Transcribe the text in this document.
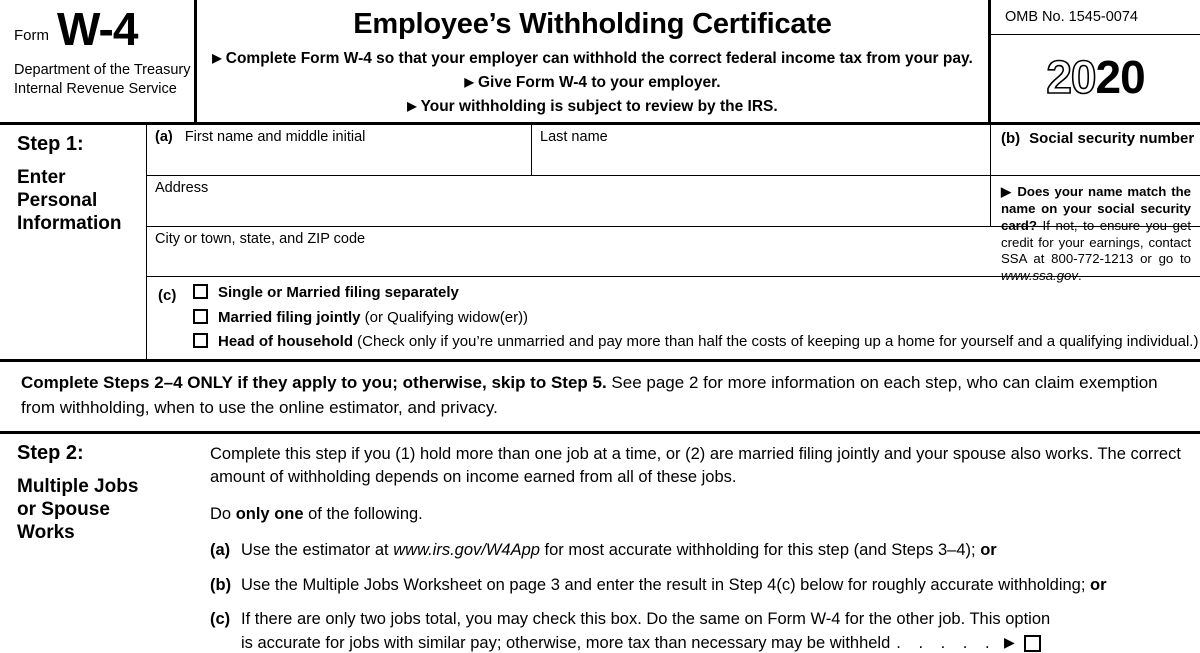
Form W-4
Department of the Treasury
Internal Revenue Service
Employee’s Withholding Certificate
▶ Complete Form W-4 so that your employer can withhold the correct federal income tax from your pay.
▶ Give Form W-4 to your employer.
▶ Your withholding is subject to review by the IRS.
OMB No. 1545-0074
2020
Step 1:
Enter
Personal
Information
(a) First name and middle initial	Last name	(b) Social security number
Address	▶ Does your name match the name on your social security card? If not, to ensure you get credit for your earnings, contact SSA at 800-772-1213 or go to www.ssa.gov.
City or town, state, and ZIP code
(c)	Single or Married filing separately
Married filing jointly (or Qualifying widow(er))
Head of household (Check only if you’re unmarried and pay more than half the costs of keeping up a home for yourself and a qualifying individual.)
Complete Steps 2–4 ONLY if they apply to you; otherwise, skip to Step 5. See page 2 for more information on each step, who can claim exemption from withholding, when to use the online estimator, and privacy.
Step 2:
Multiple Jobs
or Spouse
Works

Complete this step if you (1) hold more than one job at a time, or (2) are married filing jointly and your spouse also works. The correct amount of withholding depends on income earned from all of these jobs.

Do only one of the following.

(a) Use the estimator at www.irs.gov/W4App for most accurate withholding for this step (and Steps 3–4); or
(b) Use the Multiple Jobs Worksheet on page 3 and enter the result in Step 4(c) below for roughly accurate withholding; or
(c) If there are only two jobs total, you may check this box. Do the same on Form W-4 for the other job. This option
is accurate for jobs with similar pay; otherwise, more tax than necessary may be withheld . . . . . ▶
